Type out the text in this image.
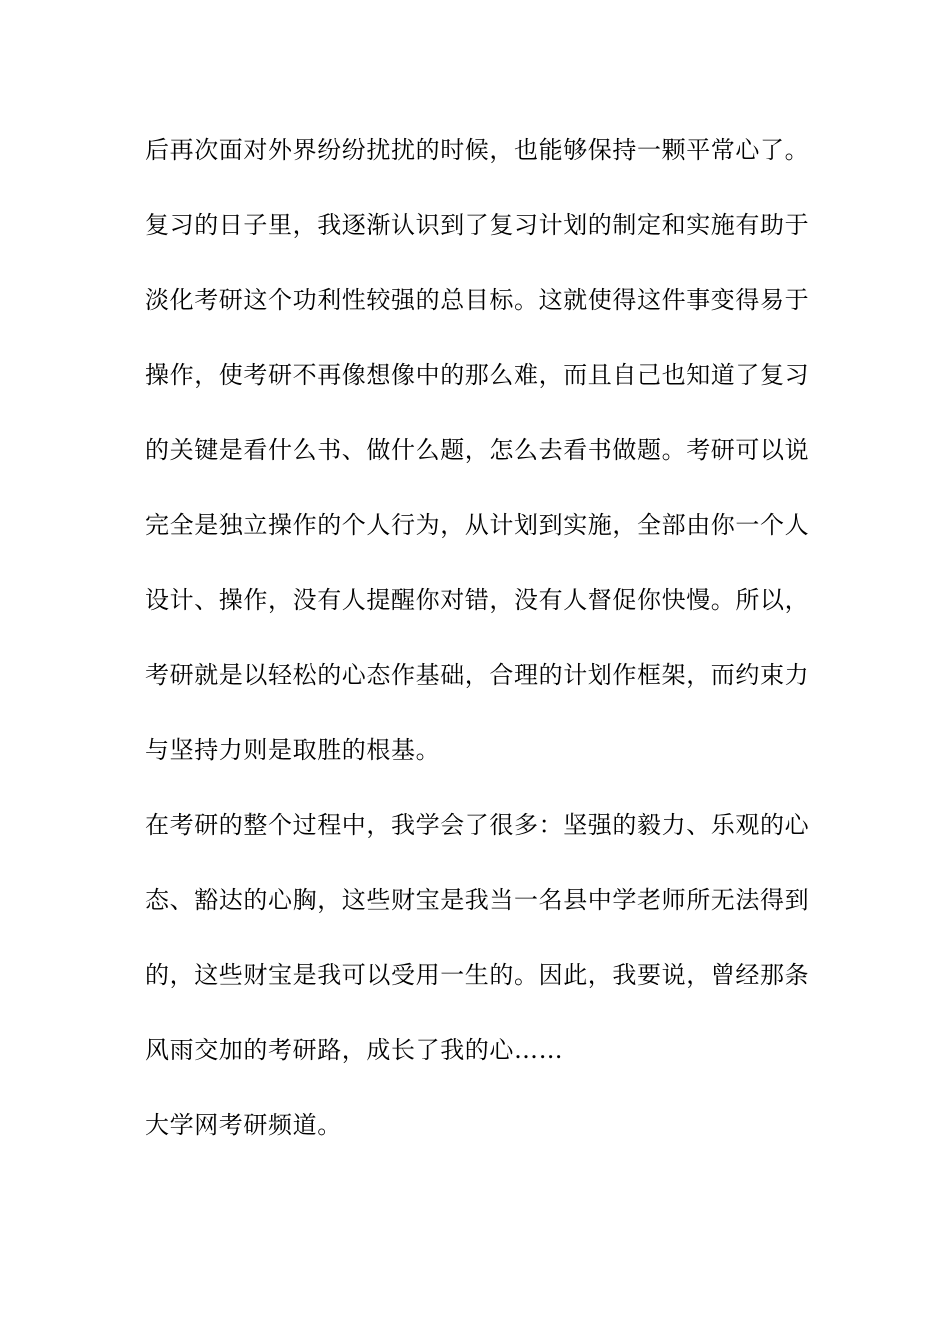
后再次面对外界纷纷扰扰的时候，也能够保持一颗平常心了。
复习的日子里，我逐渐认识到了复习计划的制定和实施有助于
淡化考研这个功利性较强的总目标。这就使得这件事变得易于
操作，使考研不再像想像中的那么难，而且自己也知道了复习
的关键是看什么书、做什么题，怎么去看书做题。考研可以说
完全是独立操作的个人行为，从计划到实施，全部由你一个人
设计、操作，没有人提醒你对错，没有人督促你快慢。所以，
考研就是以轻松的心态作基础，合理的计划作框架，而约束力
与坚持力则是取胜的根基。
在考研的整个过程中，我学会了很多：坚强的毅力、乐观的心
态、豁达的心胸，这些财宝是我当一名县中学老师所无法得到
的，这些财宝是我可以受用一生的。因此，我要说，曾经那条
风雨交加的考研路，成长了我的心……
大学网考研频道。
